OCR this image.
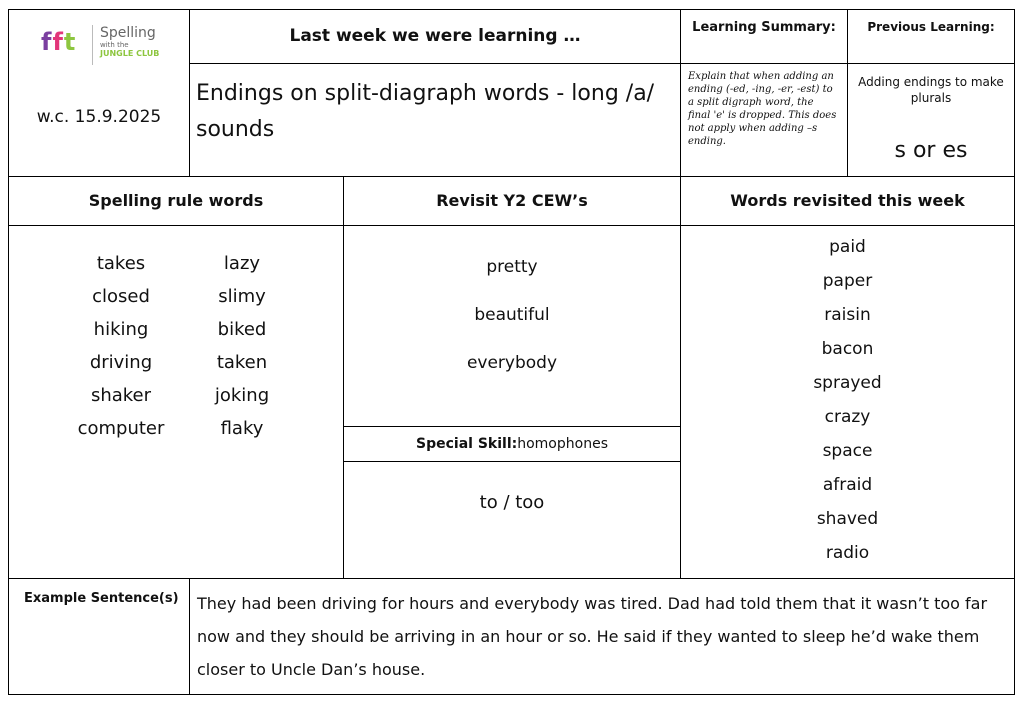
fft Spelling
with the
JUNGLE CLUB
w.c. 15.9.2025
Last week we were learning …
Endings on split-diagraph words - long /a/ sounds
Learning Summary:
Explain that when adding an ending (-ed, -ing, -er, -est) to a split digraph word, the final 'e' is dropped. This does not apply when adding –s ending.
Previous Learning:
Adding endings to make plurals
s or es
Spelling rule words	Revisit Y2 CEW’s	Words revisited this week
takes
closed
hiking
driving
shaker
computer
lazy
slimy
biked
taken
joking
flaky
pretty
beautiful
everybody
Special Skill:homophones
to / too
paid
paper
raisin
bacon
sprayed
crazy
space
afraid
shaved
radio
Example Sentence(s) They had been driving for hours and everybody was tired. Dad had told them that it wasn’t too far now and they should be arriving in an hour or so. He said if they wanted to sleep he’d wake them closer to Uncle Dan’s house.
